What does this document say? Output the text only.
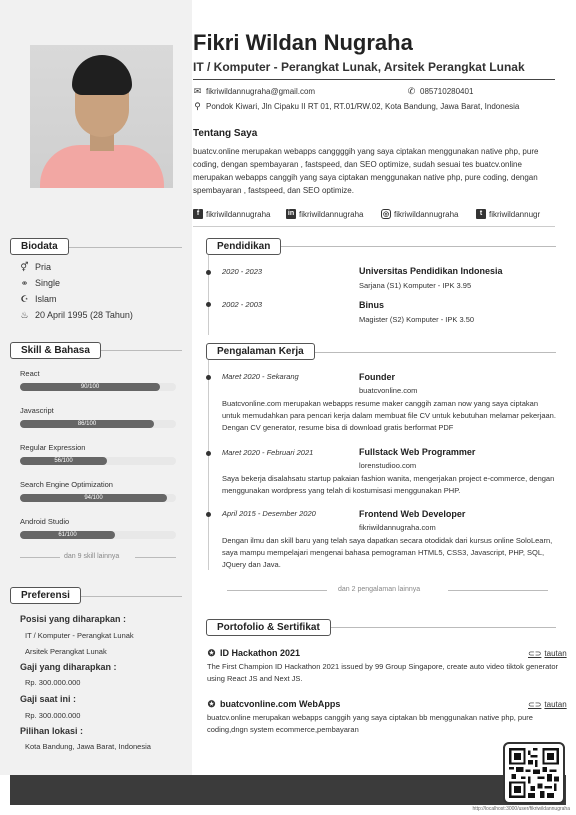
Fikri Wildan Nugraha
IT / Komputer - Perangkat Lunak, Arsitek Perangkat Lunak
✉ fikriwildannugraha@gmail.com	✆ 085710280401
⚲ Pondok Kiwari, Jln Cipaku II RT 01, RT.01/RW.02, Kota Bandung, Jawa Barat, Indonesia
Tentang Saya
buatcv.online merupakan webapps canggggih yang saya ciptakan menggunakan native php, pure coding, dengan spembayaran , fastspeed, dan SEO optimize, sudah sesuai tes buatcv.online merupakan webapps canggih yang saya ciptakan menggunakan native php, pure coding, dengan spembayaran , fastspeed, dan SEO optimize.
f fikriwildannugraha in fikriwildannugraha	◎ fikriwildannugraha	t fikriwildannugr
Biodata
⚥ Pria
⚭ Single
☪ Islam
♨ 20 April 1995 (28 Tahun)
Skill & Bahasa
React
90/100
Javascript
86/100
Regular Expression
56/100
Search Engine Optimization
94/100
Android Studio
61/100
dan 9 skill lainnya
Preferensi
Posisi yang diharapkan :
IT / Komputer - Perangkat Lunak
Arsitek Perangkat Lunak
Gaji yang diharapkan :
Rp. 300.000.000
Gaji saat ini :
Rp. 300.000.000
Pilihan lokasi :
Kota Bandung, Jawa Barat, Indonesia
Pendidikan
2020 - 2023	Universitas Pendidikan Indonesia
Sarjana (S1) Komputer - IPK 3.95
2002 - 2003	Binus
Magister (S2) Komputer - IPK 3.50
Pengalaman Kerja
Maret 2020 - Sekarang	Founder
buatcvonline.com
Buatcvonline.com merupakan webapps resume maker canggih zaman now yang saya ciptakan untuk memudahkan para pencari kerja dalam membuat file CV untuk kebutuhan melamar pekerjaan. Dengan CV generator, resume bisa di download gratis berformat PDF
Maret 2020 - Februari 2021	Fullstack Web Programmer
lorenstudioo.com
Saya bekerja disalahsatu startup pakaian fashion wanita, mengerjakan project e-commerce, dengan menggunakan wordpress yang telah di kostumisasi menggunakan PHP.
April 2015 - Desember 2020	Frontend Web Developer
fikriwildannugraha.com
Dengan ilmu dan skill baru yang telah saya dapatkan secara otodidak dari kursus online SoloLearn, saya mampu mempelajari mengenai bahasa pemograman HTML5, CSS3, Javascript, PHP, SQL, JQuery dan Java.
dan 2 pengalaman lainnya
Portofolio & Sertifikat
✪ ID Hackathon 2021	⊂⊃ tautan
The First Champion ID Hackathon 2021 issued by 99 Group Singapore, create auto video tiktok generator using React JS and Next JS.
✪ buatcvonline.com WebApps	⊂⊃ tautan
buatcv.online merupakan webapps canggih yang saya ciptakan bb menggunakan native php, pure coding,dngn system ecommerce,pembayaran
http://localhost:3000/user/fikriwildannugraha
